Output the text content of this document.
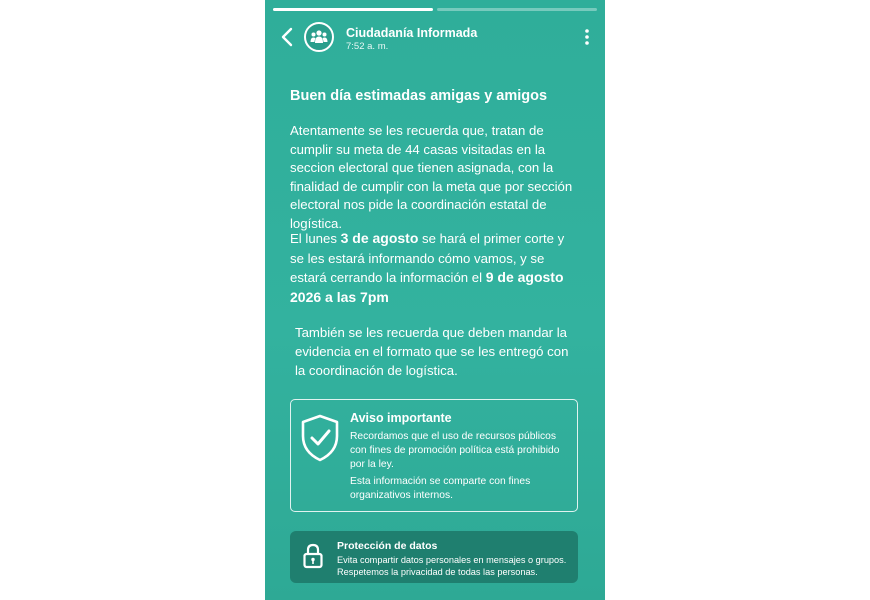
Ciudadanía Informada
7:52 a. m.
Buen día estimadas amigas y amigos
Atentamente se les recuerda que, tratan de cumplir su meta de 44 casas visitadas en la seccion electoral que tienen asignada, con la finalidad de cumplir con la meta que por sección electoral nos pide la coordinación estatal de logística.
El lunes 3 de agosto se hará el primer corte y se les estará informando cómo vamos, y se estará cerrando la información el 9 de agosto 2026 a las 7pm
También se les recuerda que deben mandar la evidencia en el formato que se les entregó con la coordinación de logística.
Aviso importante
Recordamos que el uso de recursos públicos con fines de promoción política está prohibido por la ley.
Esta información se comparte con fines organizativos internos.
Protección de datos
Evita compartir datos personales en mensajes o grupos.
Respetemos la privacidad de todas las personas.
